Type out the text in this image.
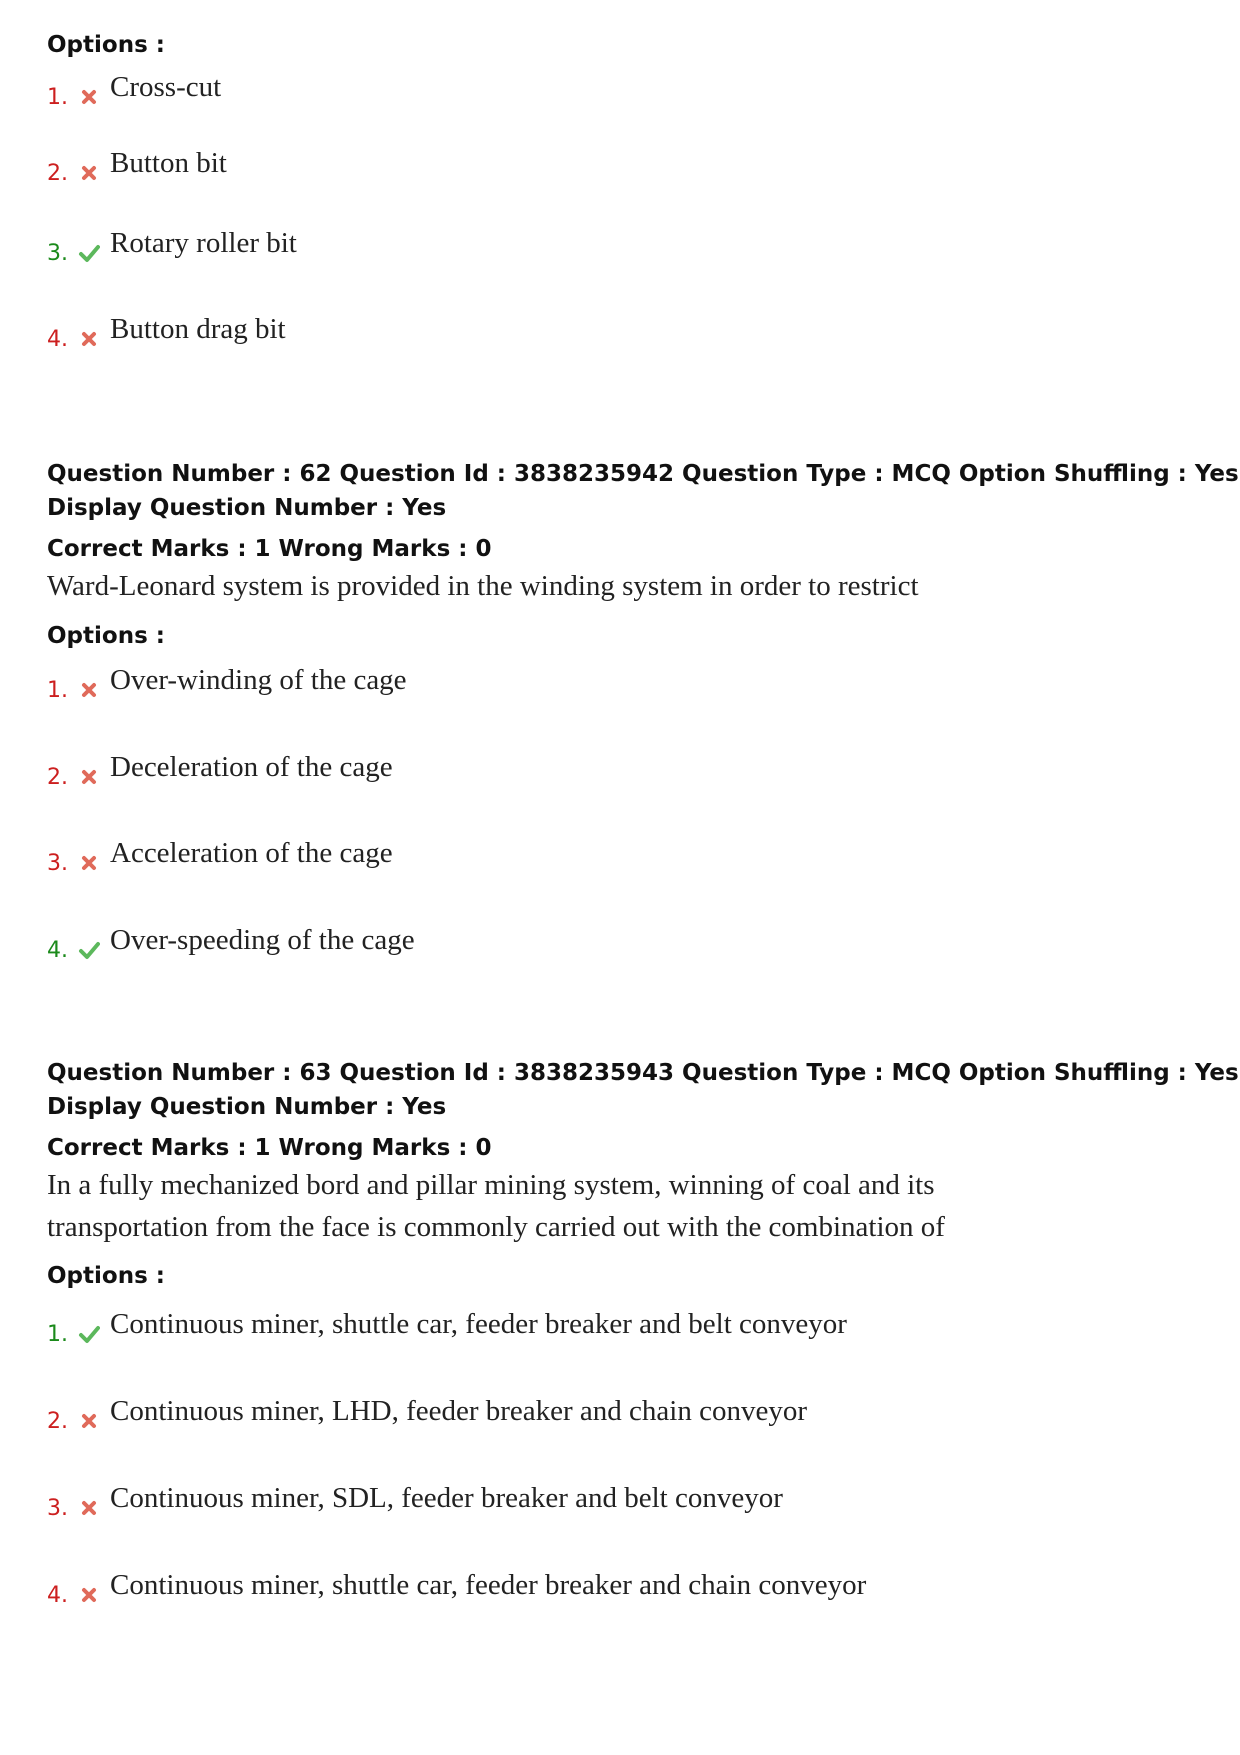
Options :
1. Cross-cut
2. Button bit
3. Rotary roller bit
4. Button drag bit
Question Number : 62 Question Id : 3838235942 Question Type : MCQ Option Shuffling : Yes
Display Question Number : Yes
Correct Marks : 1 Wrong Marks : 0
Ward-Leonard system is provided in the winding system in order to restrict
Options :
1. Over-winding of the cage
2. Deceleration of the cage
3. Acceleration of the cage
4. Over-speeding of the cage
Question Number : 63 Question Id : 3838235943 Question Type : MCQ Option Shuffling : Yes
Display Question Number : Yes
Correct Marks : 1 Wrong Marks : 0
In a fully mechanized bord and pillar mining system, winning of coal and its
transportation from the face is commonly carried out with the combination of
Options :
1. Continuous miner, shuttle car, feeder breaker and belt conveyor
2. Continuous miner, LHD, feeder breaker and chain conveyor
3. Continuous miner, SDL, feeder breaker and belt conveyor
4. Continuous miner, shuttle car, feeder breaker and chain conveyor
